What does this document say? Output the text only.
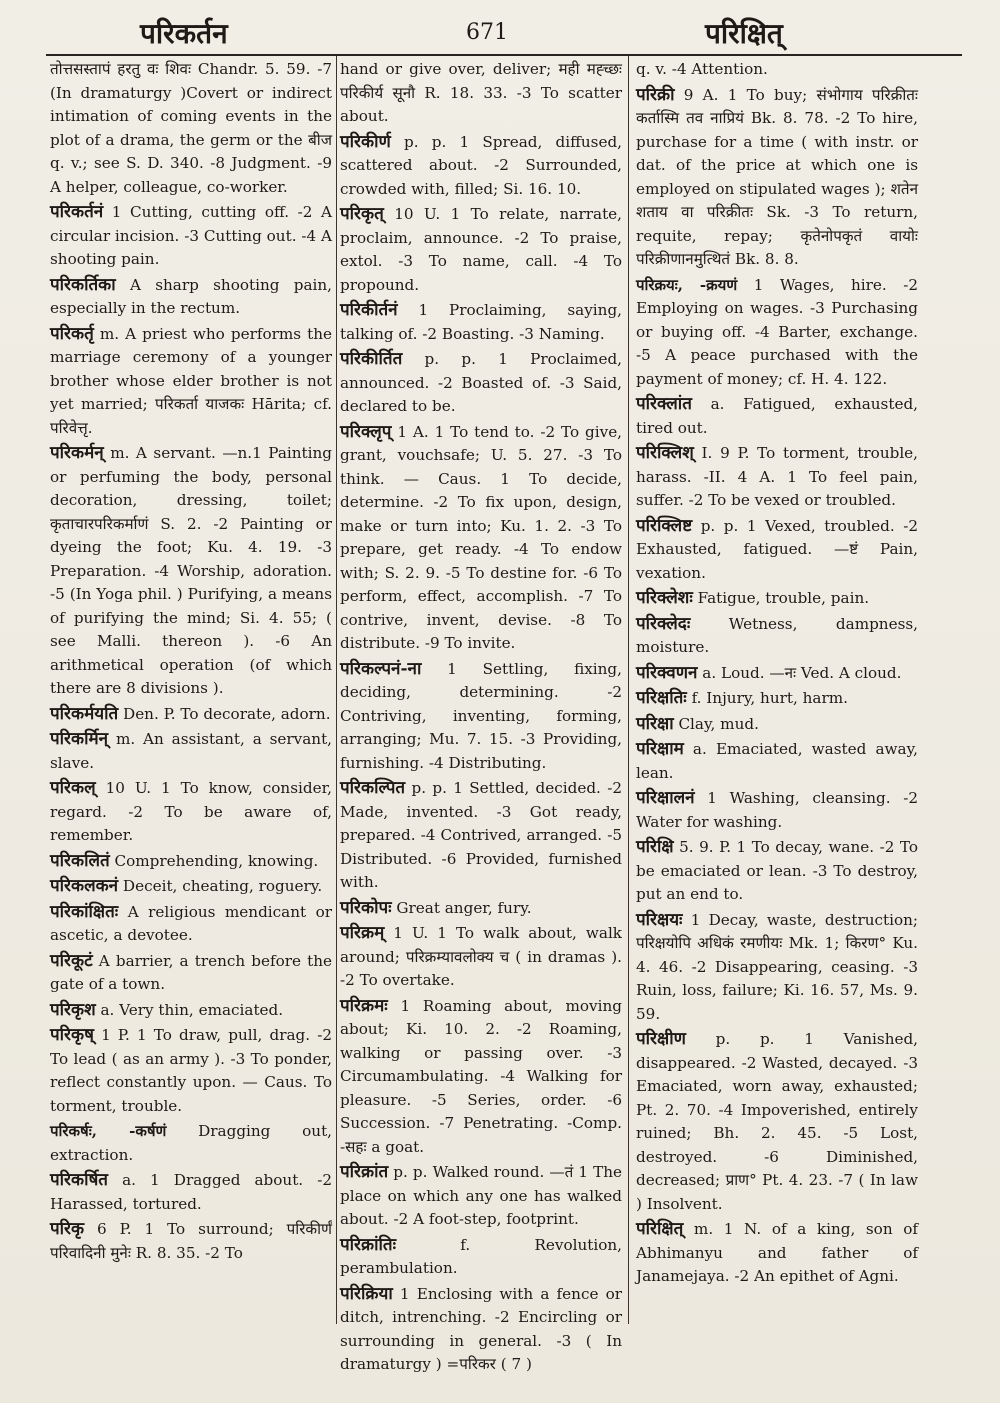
परिकर्तन	671	परिक्षित्
तोत्तसस्तापं हरतु वः शिवः Chandr. 5. 59. -7 (In dramaturgy )Covert or indirect intimation of coming events in the plot of a drama, the germ or the बीज q. v.; see S. D. 340. -8 Judgment. -9 A helper, colleague, co-worker.
परिकर्तनं 1 Cutting, cutting off. -2 A circular incision. -3 Cutting out. -4 A shooting pain.
परिकर्तिका A sharp shooting pain, especially in the rectum.
परिकर्तृ m. A priest who performs the marriage ceremony of a younger brother whose elder brother is not yet married; परिकर्ता याजकः Hārita; cf. परिवेत्तृ.
परिकर्मन् m. A servant. —n.1 Painting or perfuming the body, personal decoration, dressing, toilet; कृताचारपरिकर्माणं S. 2. -2 Painting or dyeing the foot; Ku. 4. 19. -3 Preparation. -4 Worship, adoration. -5 (In Yoga phil. ) Purifying, a means of purifying the mind; Si. 4. 55; ( see Malli. thereon ). -6 An arithmetical operation (of which there are 8 divisions ).
परिकर्मयति Den. P. To decorate, adorn.
परिकर्मिन् m. An assistant, a servant, slave.
परिकल् 10 U. 1 To know, consider, regard. -2 To be aware of, remember.
परिकलितं Comprehending, knowing.
परिकलकनं Deceit, cheating, roguery.
परिकांक्षितः A religious mendicant or ascetic, a devotee.
परिकूटं A barrier, a trench before the gate of a town.
परिकृश a. Very thin, emaciated.
परिकृष् 1 P. 1 To draw, pull, drag. -2 To lead ( as an army ). -3 To ponder, reflect constantly upon. — Caus. To torment, trouble.
परिकर्षः, -कर्षणं Dragging out, extraction.
परिकर्षित a. 1 Dragged about. -2 Harassed, tortured.
परिकृ 6 P. 1 To surround; परिकीर्णं परिवादिनी मुनेः R. 8. 35. -2 To
hand or give over, deliver; मही मह्च्छः परिकीर्य सूनौ R. 18. 33. -3 To scatter about.
परिकीर्ण p. p. 1 Spread, diffused, scattered about. -2 Surrounded, crowded with, filled; Si. 16. 10.
परिकृत् 10 U. 1 To relate, narrate, proclaim, announce. -2 To praise, extol. -3 To name, call. -4 To propound.
परिकीर्तनं 1 Proclaiming, saying, talking of. -2 Boasting. -3 Naming.
परिकीर्तित p. p. 1 Proclaimed, announced. -2 Boasted of. -3 Said, declared to be.
परिक्लृप् 1 A. 1 To tend to. -2 To give, grant, vouchsafe; U. 5. 27. -3 To think. — Caus. 1 To decide, determine. -2 To fix upon, design, make or turn into; Ku. 1. 2. -3 To prepare, get ready. -4 To endow with; S. 2. 9. -5 To destine for. -6 To perform, effect, accomplish. -7 To contrive, invent, devise. -8 To distribute. -9 To invite.
परिकल्पनं-ना 1 Settling, fixing, deciding, determining. -2 Contriving, inventing, forming, arranging; Mu. 7. 15. -3 Providing, furnishing. -4 Distributing.
परिकल्पित p. p. 1 Settled, decided. -2 Made, invented. -3 Got ready, prepared. -4 Contrived, arranged. -5 Distributed. -6 Provided, furnished with.
परिकोपः Great anger, fury.
परिक्रम् 1 U. 1 To walk about, walk around; परिक्रम्यावलोक्य च ( in dramas ). -2 To overtake.
परिक्रमः 1 Roaming about, moving about; Ki. 10. 2. -2 Roaming, walking or passing over. -3 Circumambulating. -4 Walking for pleasure. -5 Series, order. -6 Succession. -7 Penetrating. -Comp. -सहः a goat.
परिक्रांत p. p. Walked round. —तं 1 The place on which any one has walked about. -2 A foot-step, footprint.
परिक्रांतिः	f. Revolution, perambulation.
परिक्रिया 1 Enclosing with a fence or ditch, intrenching. -2 Encircling or surrounding in general. -3 ( In dramaturgy ) =परिकर ( 7 )
q. v. -4 Attention.
परिक्री 9 A. 1 To buy; संभोगाय परिक्रीतः कर्तास्मि तव नाप्रियं Bk. 8. 78. -2 To hire, purchase for a time ( with instr. or dat. of the price at which one is employed on stipulated wages ); शतेन शताय वा परिक्रीतः Sk. -3 To return, requite, repay; कृतेनोपकृतं वायोः परिक्रीणानमुत्थितं Bk. 8. 8.
परिक्रयः, -क्रयणं 1 Wages, hire. -2 Employing on wages. -3 Purchasing or buying off. -4 Barter, exchange. -5 A peace purchased with the payment of money; cf. H. 4. 122.
परिक्लांत a. Fatigued, exhausted, tired out.
परिक्लिश् I. 9 P. To torment, trouble, harass. -II. 4 A. 1 To feel pain, suffer. -2 To be vexed or troubled.
परिक्लिष्ट p. p. 1 Vexed, troubled. -2 Exhausted, fatigued. —ष्टं Pain, vexation.
परिक्लेशः Fatigue, trouble, pain.
परिक्लेदः	Wetness, dampness, moisture.
परिक्वणन a. Loud. —नः Ved. A cloud.
परिक्षतिः f. Injury, hurt, harm.
परिक्षा Clay, mud.
परिक्षाम a. Emaciated, wasted away, lean.
परिक्षालनं 1 Washing, cleansing. -2 Water for washing.
परिक्षि 5. 9. P. 1 To decay, wane. -2 To be emaciated or lean. -3 To destroy, put an end to.
परिक्षयः 1 Decay, waste, destruction; परिक्षयोपि अधिकं रमणीयः Mk. 1; किरण° Ku. 4. 46. -2 Disappearing, ceasing. -3 Ruin, loss, failure; Ki. 16. 57, Ms. 9. 59.
परिक्षीण p. p. 1 Vanished, disappeared. -2 Wasted, decayed. -3 Emaciated, worn away, exhausted; Pt. 2. 70. -4 Impoverished, entirely ruined; Bh. 2. 45. -5 Lost, destroyed. -6 Diminished, decreased; प्राण° Pt. 4. 23. -7 ( In law ) Insolvent.
परिक्षित् m. 1 N. of a king, son of Abhimanyu and father of Janamejaya. -2 An epithet of Agni.
